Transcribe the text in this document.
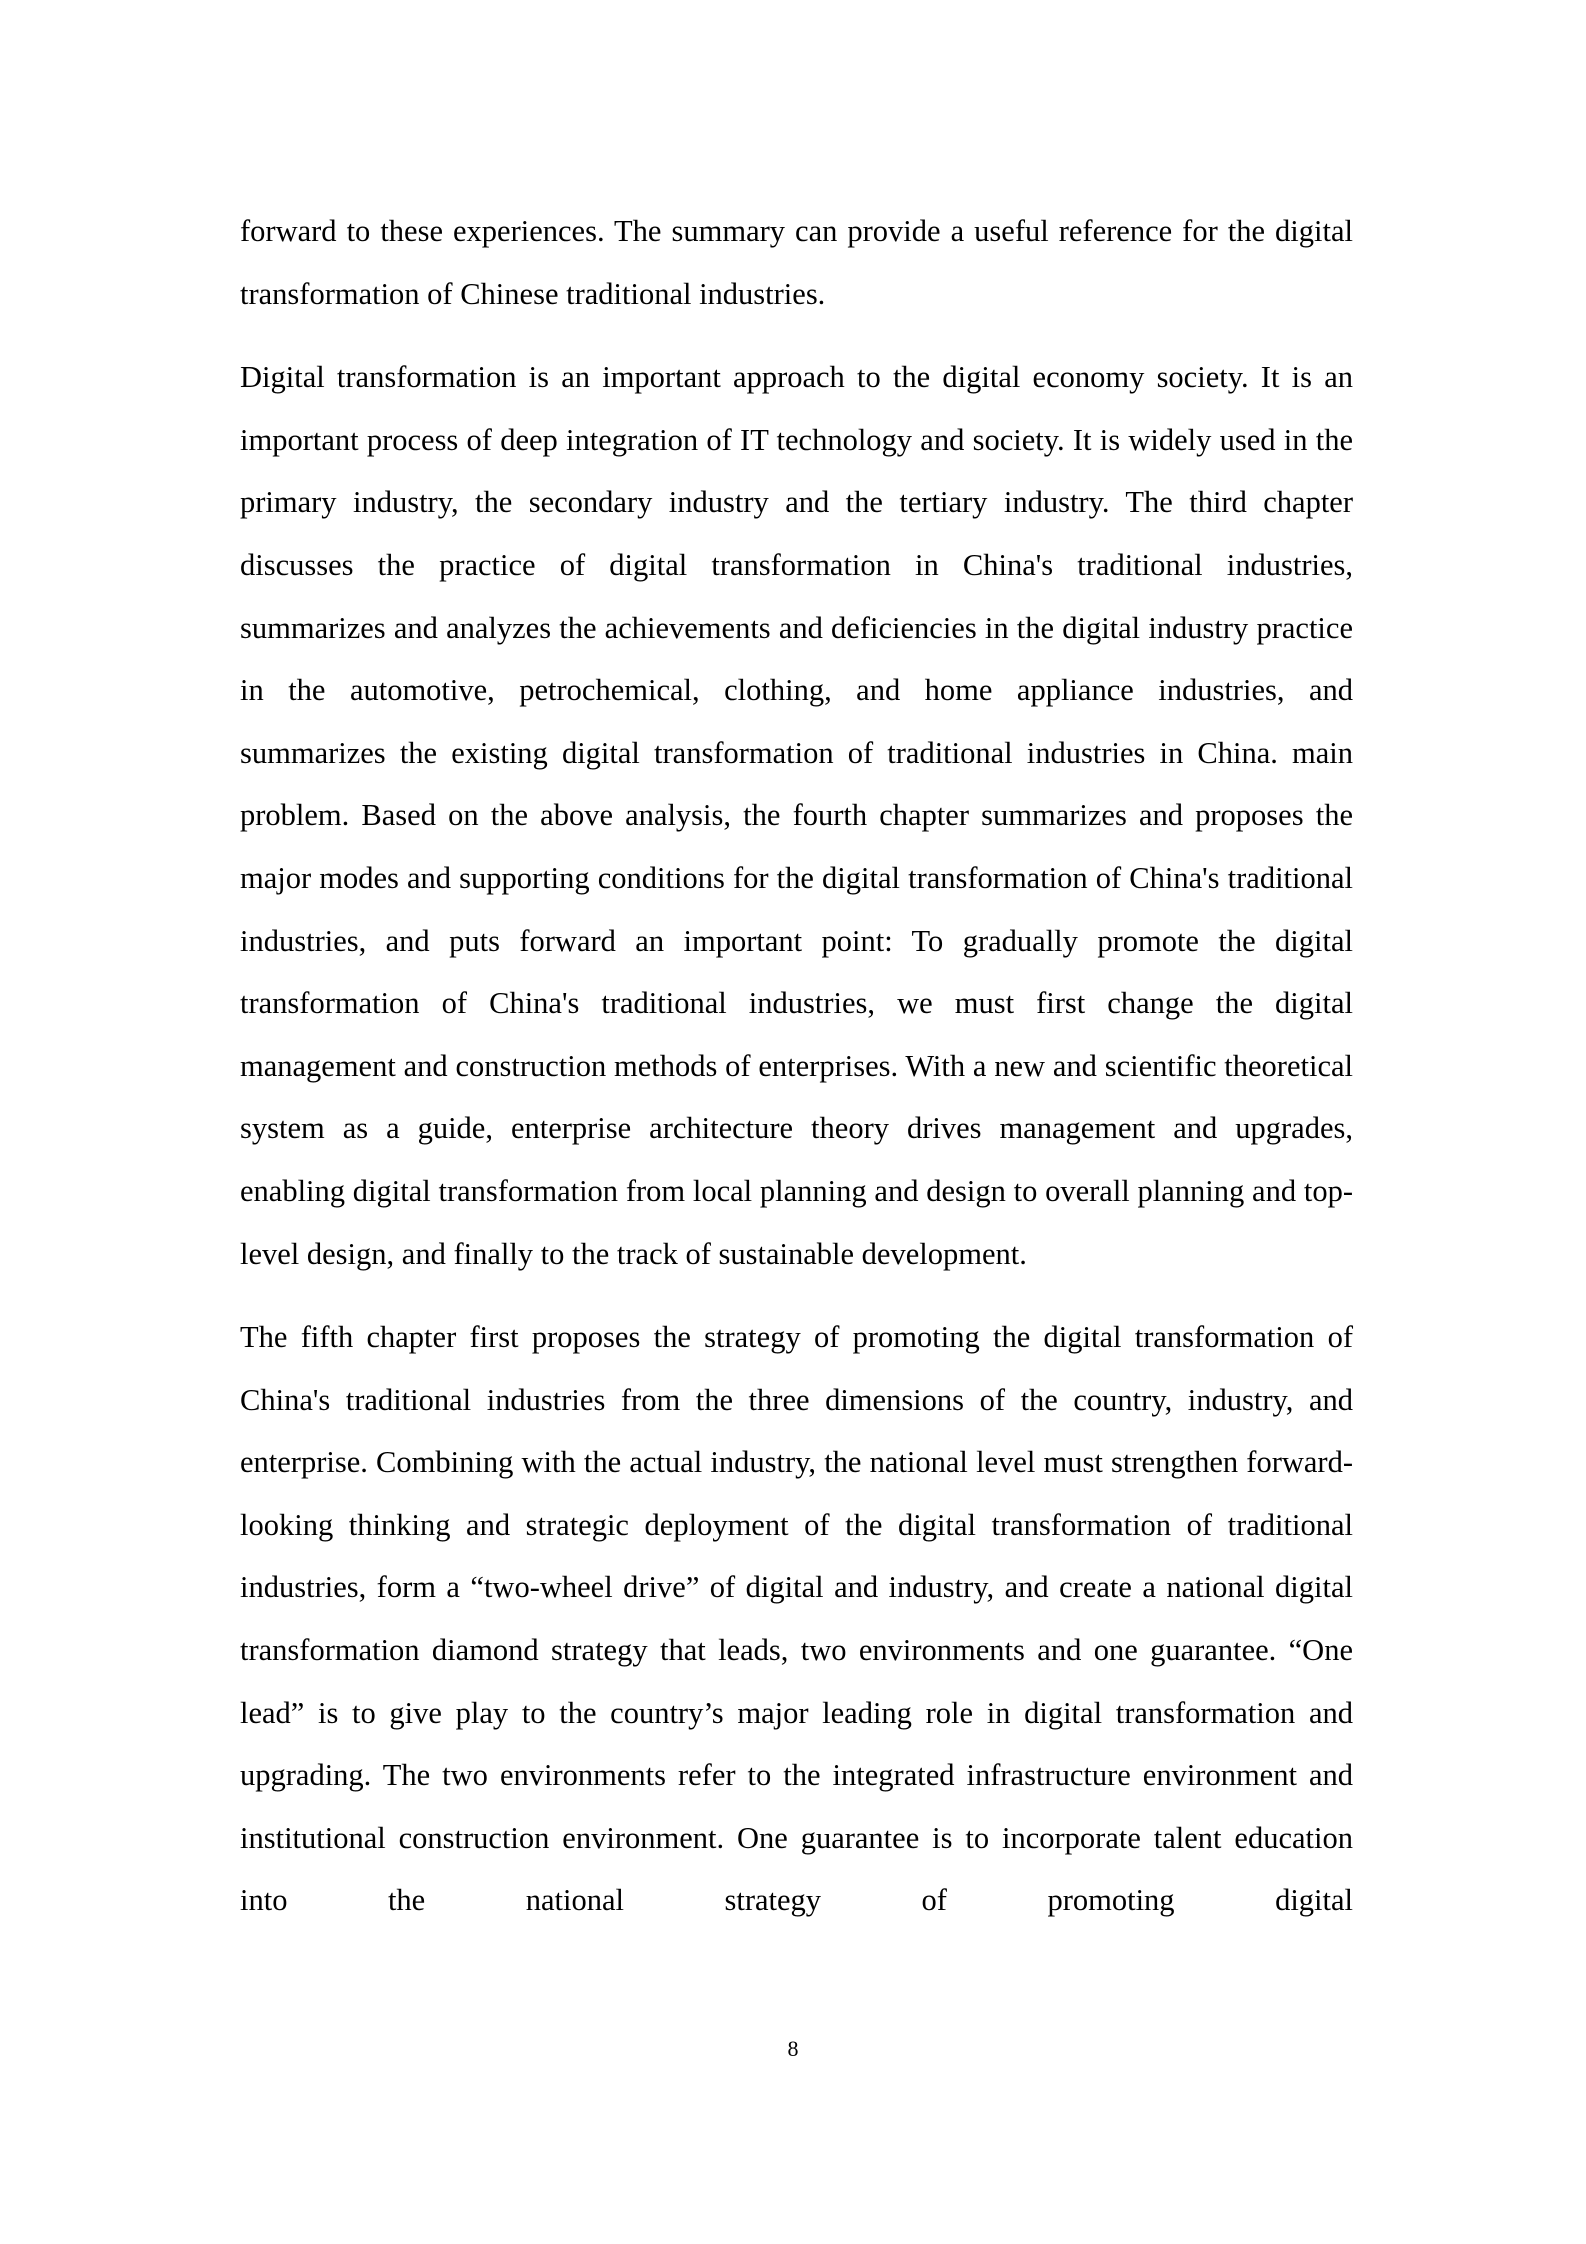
forward to these experiences. The summary can provide a useful reference for the digital transformation of Chinese traditional industries.

Digital transformation is an important approach to the digital economy society. It is an important process of deep integration of IT technology and society. It is widely used in the primary industry, the secondary industry and the tertiary industry. The third chapter discusses the practice of digital transformation in China's traditional industries, summarizes and analyzes the achievements and deficiencies in the digital industry practice in the automotive, petrochemical, clothing, and home appliance industries, and summarizes the existing digital transformation of traditional industries in China. main problem. Based on the above analysis, the fourth chapter summarizes and proposes the major modes and supporting conditions for the digital transformation of China's traditional industries, and puts forward an important point: To gradually promote the digital transformation of China's traditional industries, we must first change the digital management and construction methods of enterprises. With a new and scientific theoretical system as a guide, enterprise architecture theory drives management and upgrades, enabling digital transformation from local planning and design to overall planning and top-level design, and finally to the track of sustainable development.

The fifth chapter first proposes the strategy of promoting the digital transformation of China's traditional industries from the three dimensions of the country, industry, and enterprise. Combining with the actual industry, the national level must strengthen forward-looking thinking and strategic deployment of the digital transformation of traditional industries, form a “two-wheel drive” of digital and industry, and create a national digital transformation diamond strategy that leads, two environments and one guarantee. “One lead” is to give play to the country’s major leading role in digital transformation and upgrading. The two environments refer to the integrated infrastructure environment and institutional construction environment. One guarantee is to incorporate talent education into the national strategy of promoting digital

8
